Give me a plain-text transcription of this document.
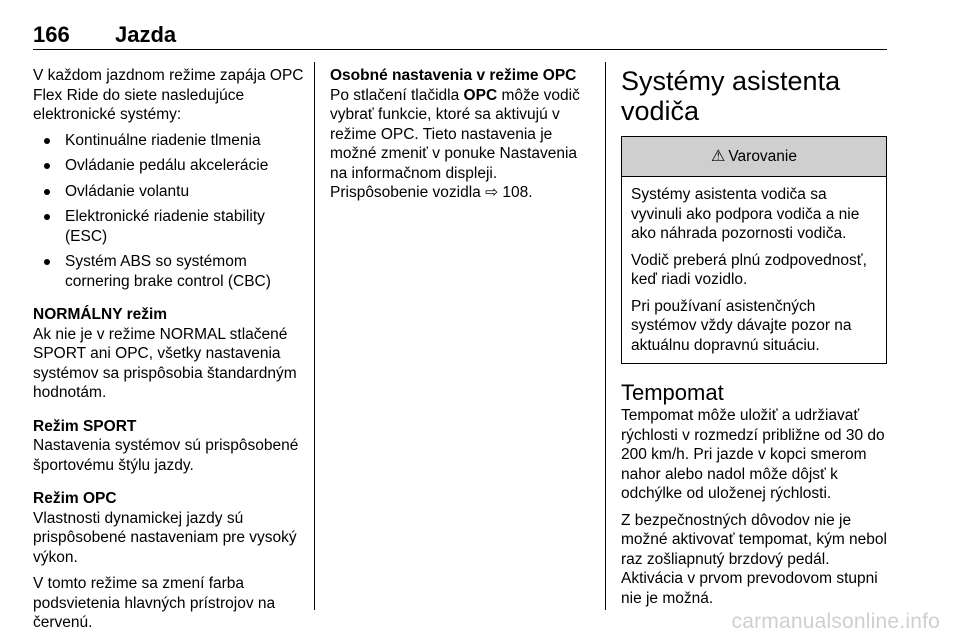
166 Jazda

V každom jazdnom režime zapája OPC Flex Ride do siete nasledujúce elektronické systémy:

Kontinuálne riadenie tlmenia
Ovládanie pedálu akcelerácie
Ovládanie volantu
Elektronické riadenie stability (ESC)
Systém ABS so systémom cornering brake control (CBC)

NORMÁLNY režim

Ak nie je v režime NORMAL stlačené SPORT ani OPC, všetky nastavenia systémov sa prispôsobia štandardným hodnotám.

Režim SPORT

Nastavenia systémov sú prispôsobené športovému štýlu jazdy.

Režim OPC

Vlastnosti dynamickej jazdy sú prispôsobené nastaveniam pre vysoký výkon.

V tomto režime sa zmení farba podsvietenia hlavných prístrojov na červenú.

Osobné nastavenia v režime OPC

Po stlačení tlačidla OPC môže vodič vybrať funkcie, ktoré sa aktivujú v režime OPC. Tieto nastavenia je možné zmeniť v ponuke Nastavenia na informačnom displeji.

Prispôsobenie vozidla ⇨ 108.

Systémy asistenta vodiča
⚠ Varovanie

Systémy asistenta vodiča sa vyvinuli ako podpora vodiča a nie ako náhrada pozornosti vodiča.

Vodič preberá plnú zodpovednosť, keď riadi vozidlo.

Pri používaní asistenčných systémov vždy dávajte pozor na aktuálnu dopravnú situáciu.

Tempomat

Tempomat môže uložiť a udržiavať rýchlosti v rozmedzí približne od 30 do 200 km/h. Pri jazde v kopci smerom nahor alebo nadol môže dôjsť k odchýlke od uloženej rýchlosti.

Z bezpečnostných dôvodov nie je možné aktivovať tempomat, kým nebol raz zošliapnutý brzdový pedál. Aktivácia v prvom prevodovom stupni nie je možná.

carmanualsonline.info
